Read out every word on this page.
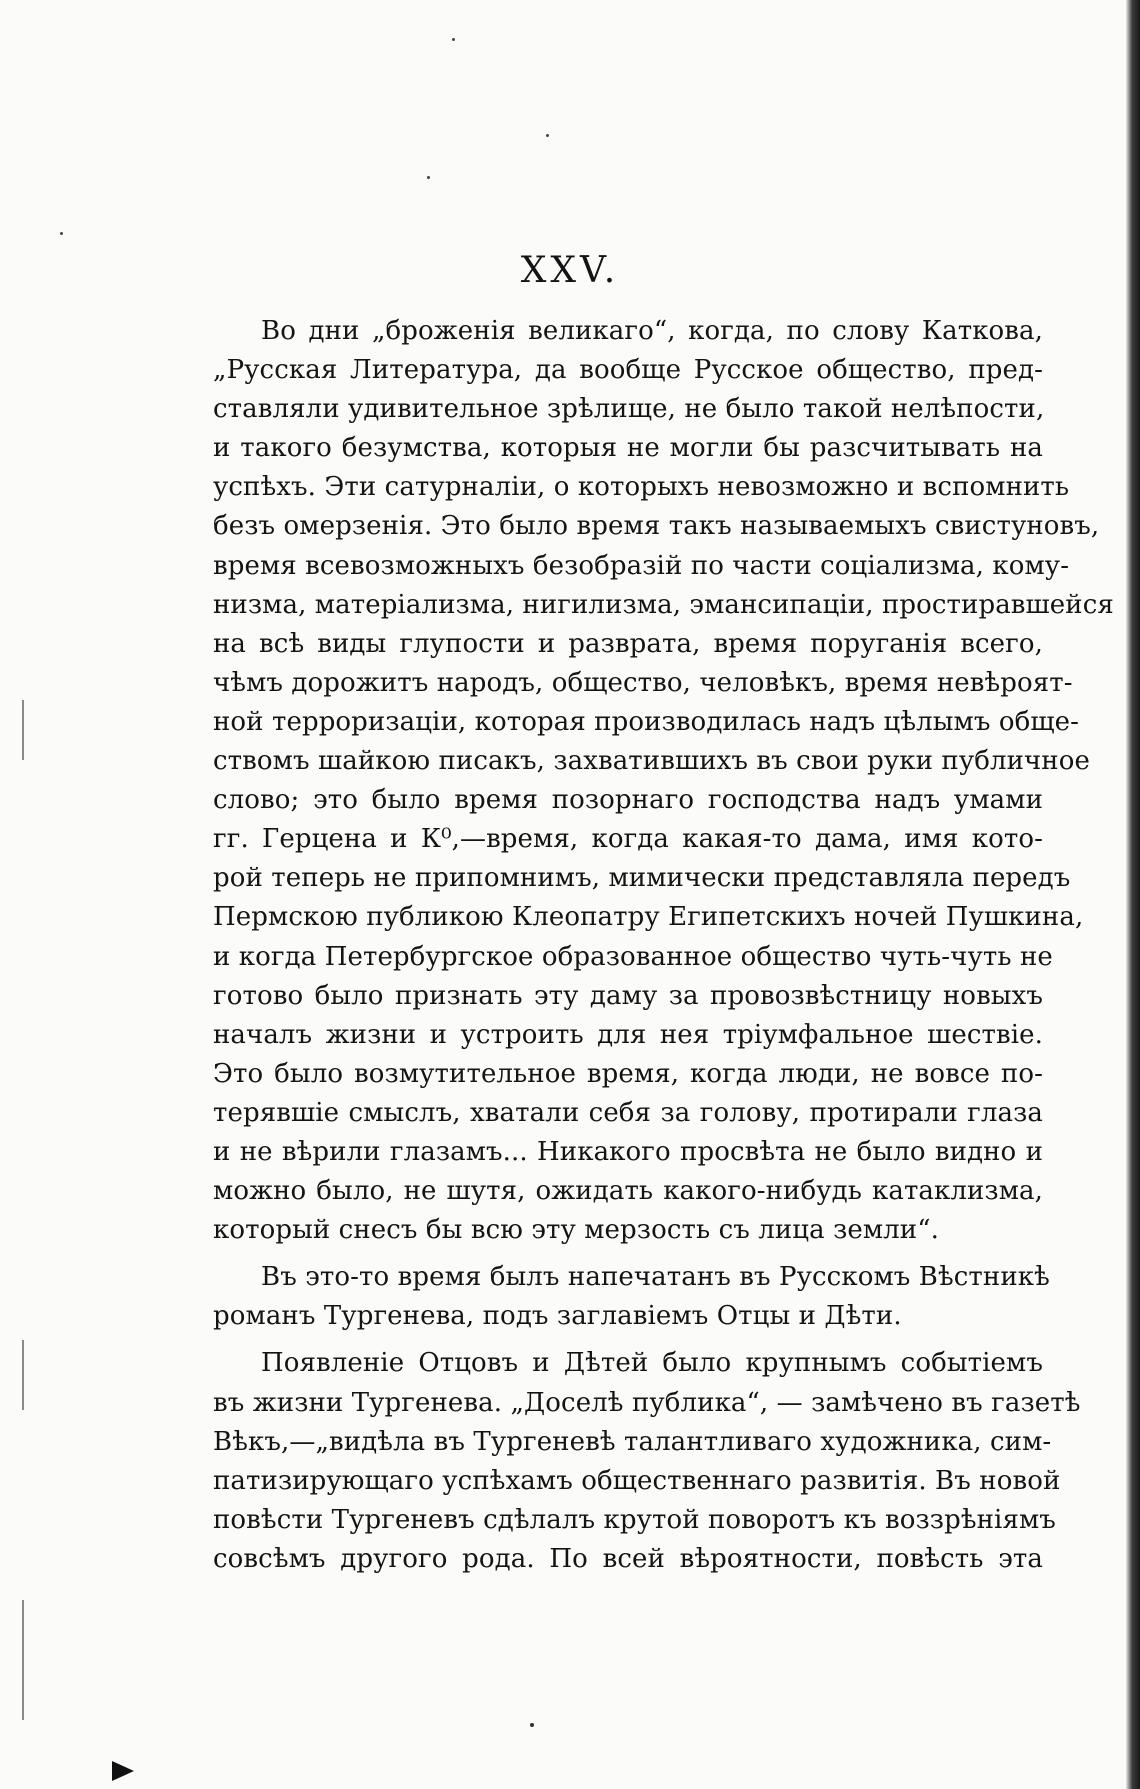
XXV.
Во дни „броженія великаго“, когда, по слову Каткова,
„Русская Литература, да вообще Русское общество, пред-
ставляли удивительное зрѣлище, не было такой нелѣпости,
и такого безумства, которыя не могли бы разсчитывать на
успѣхъ. Эти сатурналіи, о которыхъ невозможно и вспомнить
безъ омерзенія. Это было время такъ называемыхъ свистуновъ,
время всевозможныхъ безобразій по части соціализма, кому-
низма, матеріализма, нигилизма, эмансипаціи, простиравшейся
на всѣ виды глупости и разврата, время поруганія всего,
чѣмъ дорожитъ народъ, общество, человѣкъ, время невѣроят-
ной терроризаціи, которая производилась надъ цѣлымъ обще-
ствомъ шайкою писакъ, захватившихъ въ свои руки публичное
слово; это было время позорнаго господства надъ умами
гг. Герцена и К⁰,—время, когда какая-то дама, имя кото-
рой теперь не припомнимъ, мимически представляла передъ
Пермскою публикою Клеопатру Египетскихъ ночей Пушкина,
и когда Петербургское образованное общество чуть-чуть не
готово было признать эту даму за провозвѣстницу новыхъ
началъ жизни и устроить для нея тріумфальное шествіе.
Это было возмутительное время, когда люди, не вовсе по-
терявшіе смыслъ, хватали себя за голову, протирали глаза
и не вѣрили глазамъ... Никакого просвѣта не было видно и
можно было, не шутя, ожидать какого-нибудь катаклизма,
который снесъ бы всю эту мерзость съ лица земли“.
Въ это-то время былъ напечатанъ въ Русскомъ Вѣстникѣ
романъ Тургенева, подъ заглавіемъ Отцы и Дѣти.
Появленіе Отцовъ и Дѣтей было крупнымъ событіемъ
въ жизни Тургенева. „Доселѣ публика“, — замѣчено въ газетѣ
Вѣкъ,—„видѣла въ Тургеневѣ талантливаго художника, сим-
патизирующаго успѣхамъ общественнаго развитія. Въ новой
повѣсти Тургеневъ сдѣлалъ крутой поворотъ къ воззрѣніямъ
совсѣмъ другого рода. По всей вѣроятности, повѣсть эта
